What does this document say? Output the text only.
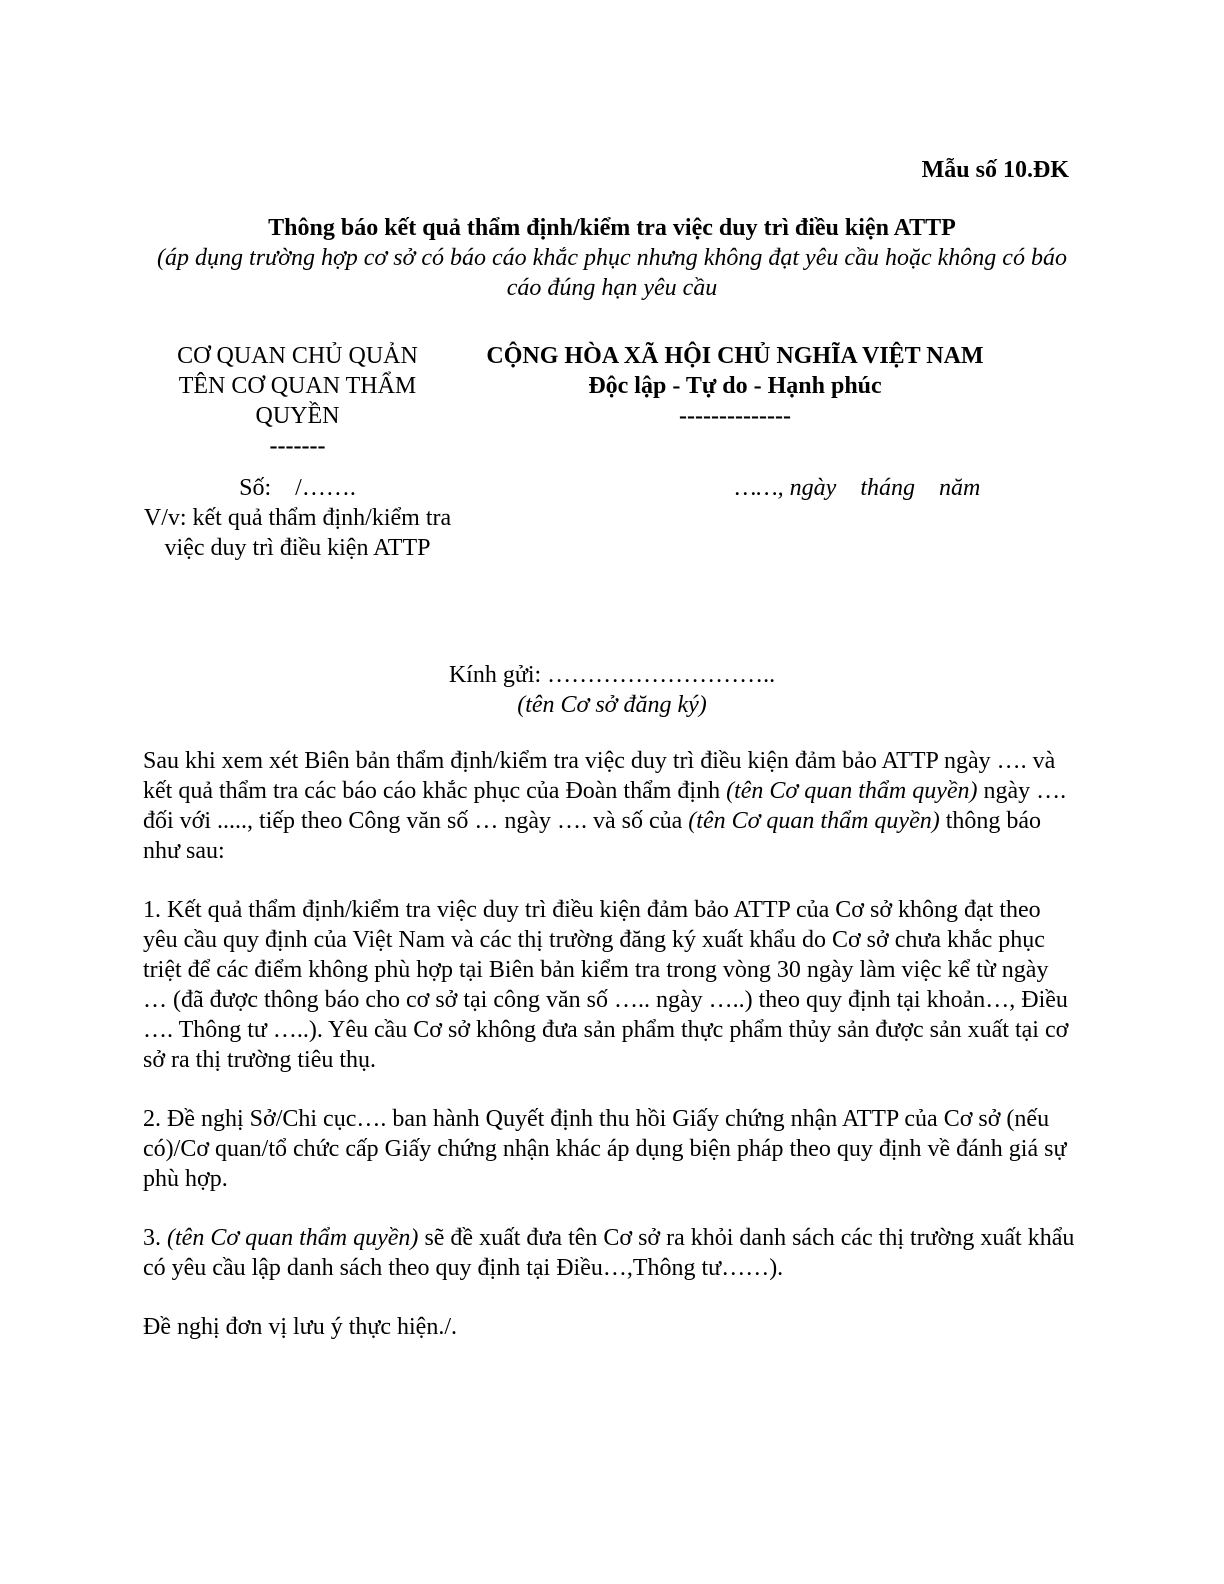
Mẫu số 10.ĐK
Thông báo kết quả thẩm định/kiểm tra việc duy trì điều kiện ATTP
(áp dụng trường hợp cơ sở có báo cáo khắc phục nhưng không đạt yêu cầu hoặc không có báo cáo đúng hạn yêu cầu
CƠ QUAN CHỦ QUẢN
TÊN CƠ QUAN THẨM QUYỀN
-------
CỘNG HÒA XÃ HỘI CHỦ NGHĨA VIỆT NAM
Độc lập - Tự do - Hạnh phúc
--------------
Số:    /…….
V/v: kết quả thẩm định/kiểm tra việc duy trì điều kiện ATTP
……, ngày    tháng    năm
Kính gửi: ………………………..
(tên Cơ sở đăng ký)

Sau khi xem xét Biên bản thẩm định/kiểm tra việc duy trì điều kiện đảm bảo ATTP ngày …. và kết quả thẩm tra các báo cáo khắc phục của Đoàn thẩm định (tên Cơ quan thẩm quyền) ngày …. đối với ....., tiếp theo Công văn số … ngày …. và số của (tên Cơ quan thẩm quyền) thông báo như sau:

1. Kết quả thẩm định/kiểm tra việc duy trì điều kiện đảm bảo ATTP của Cơ sở không đạt theo yêu cầu quy định của Việt Nam và các thị trường đăng ký xuất khẩu do Cơ sở chưa khắc phục triệt để các điểm không phù hợp tại Biên bản kiểm tra trong vòng 30 ngày làm việc kể từ ngày … (đã được thông báo cho cơ sở tại công văn số ….. ngày …..) theo quy định tại khoản…, Điều …. Thông tư …..). Yêu cầu Cơ sở không đưa sản phẩm thực phẩm thủy sản được sản xuất tại cơ sở ra thị trường tiêu thụ.

2. Đề nghị Sở/Chi cục…. ban hành Quyết định thu hồi Giấy chứng nhận ATTP của Cơ sở (nếu có)/Cơ quan/tổ chức cấp Giấy chứng nhận khác áp dụng biện pháp theo quy định về đánh giá sự phù hợp.

3. (tên Cơ quan thẩm quyền) sẽ đề xuất đưa tên Cơ sở ra khỏi danh sách các thị trường xuất khẩu có yêu cầu lập danh sách theo quy định tại Điều…,Thông tư……).

Đề nghị đơn vị lưu ý thực hiện./.
